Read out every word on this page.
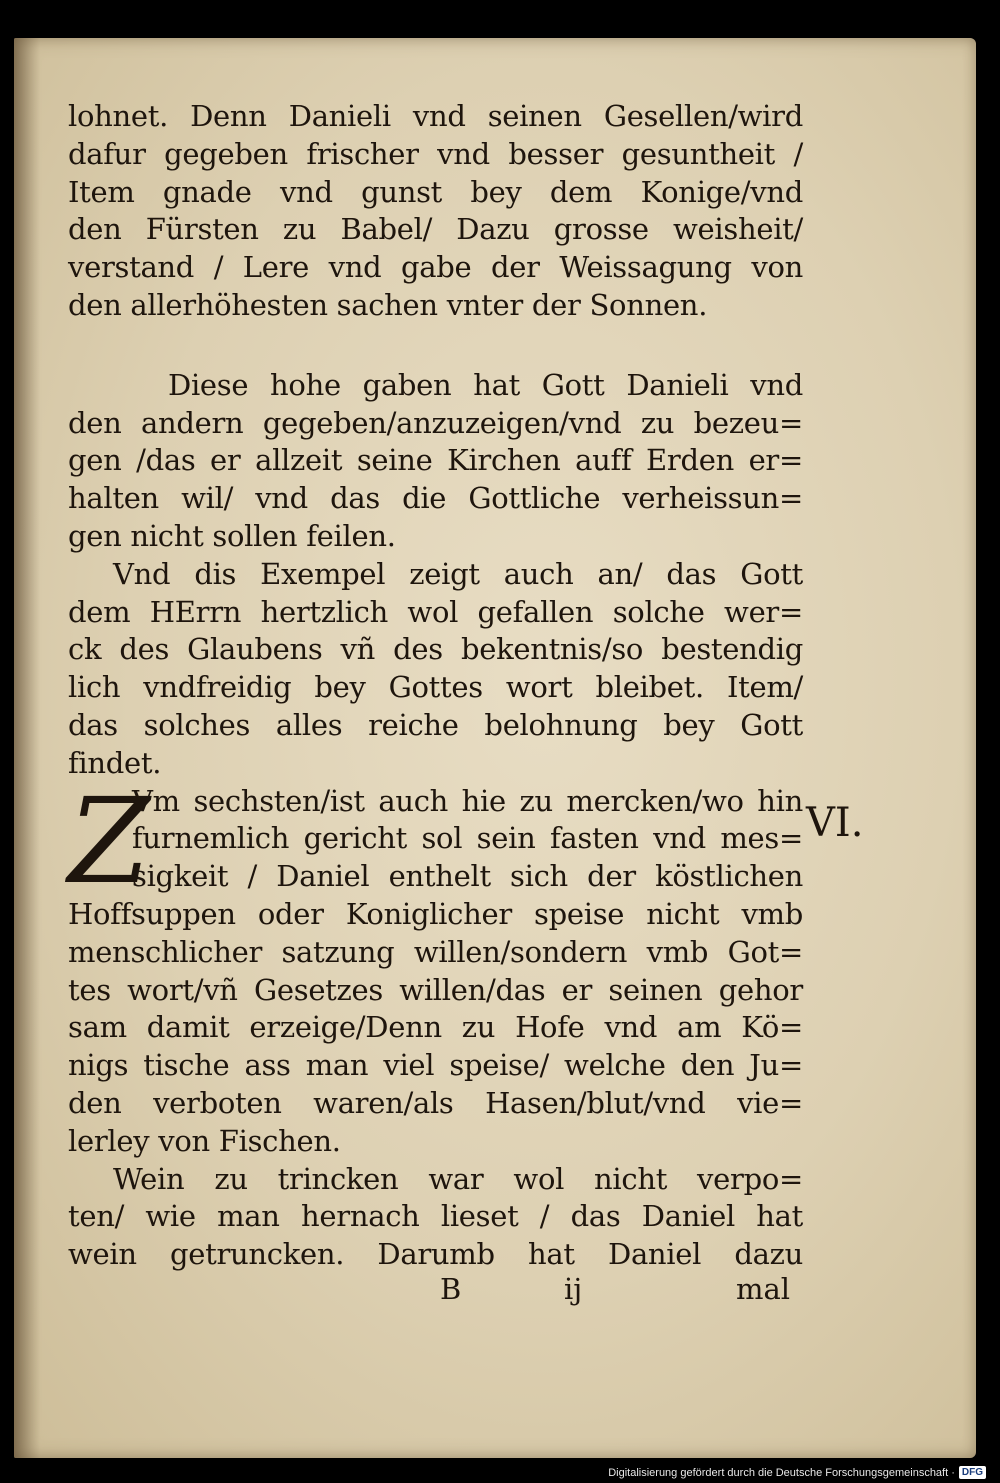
lohnet. Denn Danieli vnd seinen Gesellen/wird
dafur gegeben frischer vnd besser gesuntheit /
Item gnade vnd gunst bey dem Konige/vnd
den Fürsten zu Babel/ Dazu grosse weisheit/
verstand / Lere vnd gabe der Weissagung von
den allerhöhesten sachen vnter der Sonnen.
Diese hohe gaben hat Gott Danieli vnd
den andern gegeben/anzuzeigen/vnd zu bezeu=
gen /das er allzeit seine Kirchen auff Erden er=
halten wil/ vnd das die Gottliche verheissun=
gen nicht sollen feilen.
Vnd dis Exempel zeigt auch an/ das Gott
dem HErrn hertzlich wol gefallen solche wer=
ck des Glaubens vñ des bekentnis/so bestendig
lich vndfreidig bey Gottes wort bleibet. Item/
das solches alles reiche belohnung bey Gott
findet.
Z
Vm sechsten/ist auch hie zu mercken/wo hin
furnemlich gericht sol sein fasten vnd mes=
sigkeit / Daniel enthelt sich der köstlichen
Hoffsuppen oder Koniglicher speise nicht vmb
menschlicher satzung willen/sondern vmb Got=
tes wort/vñ Gesetzes willen/das er seinen gehor
sam damit erzeige/Denn zu Hofe vnd am Kö=
nigs tische ass man viel speise/ welche den Ju=
den verboten waren/als Hasen/blut/vnd vie=
lerley von Fischen.
Wein zu trincken war wol nicht verpo=
ten/ wie man hernach lieset / das Daniel hat
wein getruncken. Darumb hat Daniel dazu
VI.
B	ij	mal
Digitalisierung gefördert durch die Deutsche Forschungsgemeinschaft · DFG
